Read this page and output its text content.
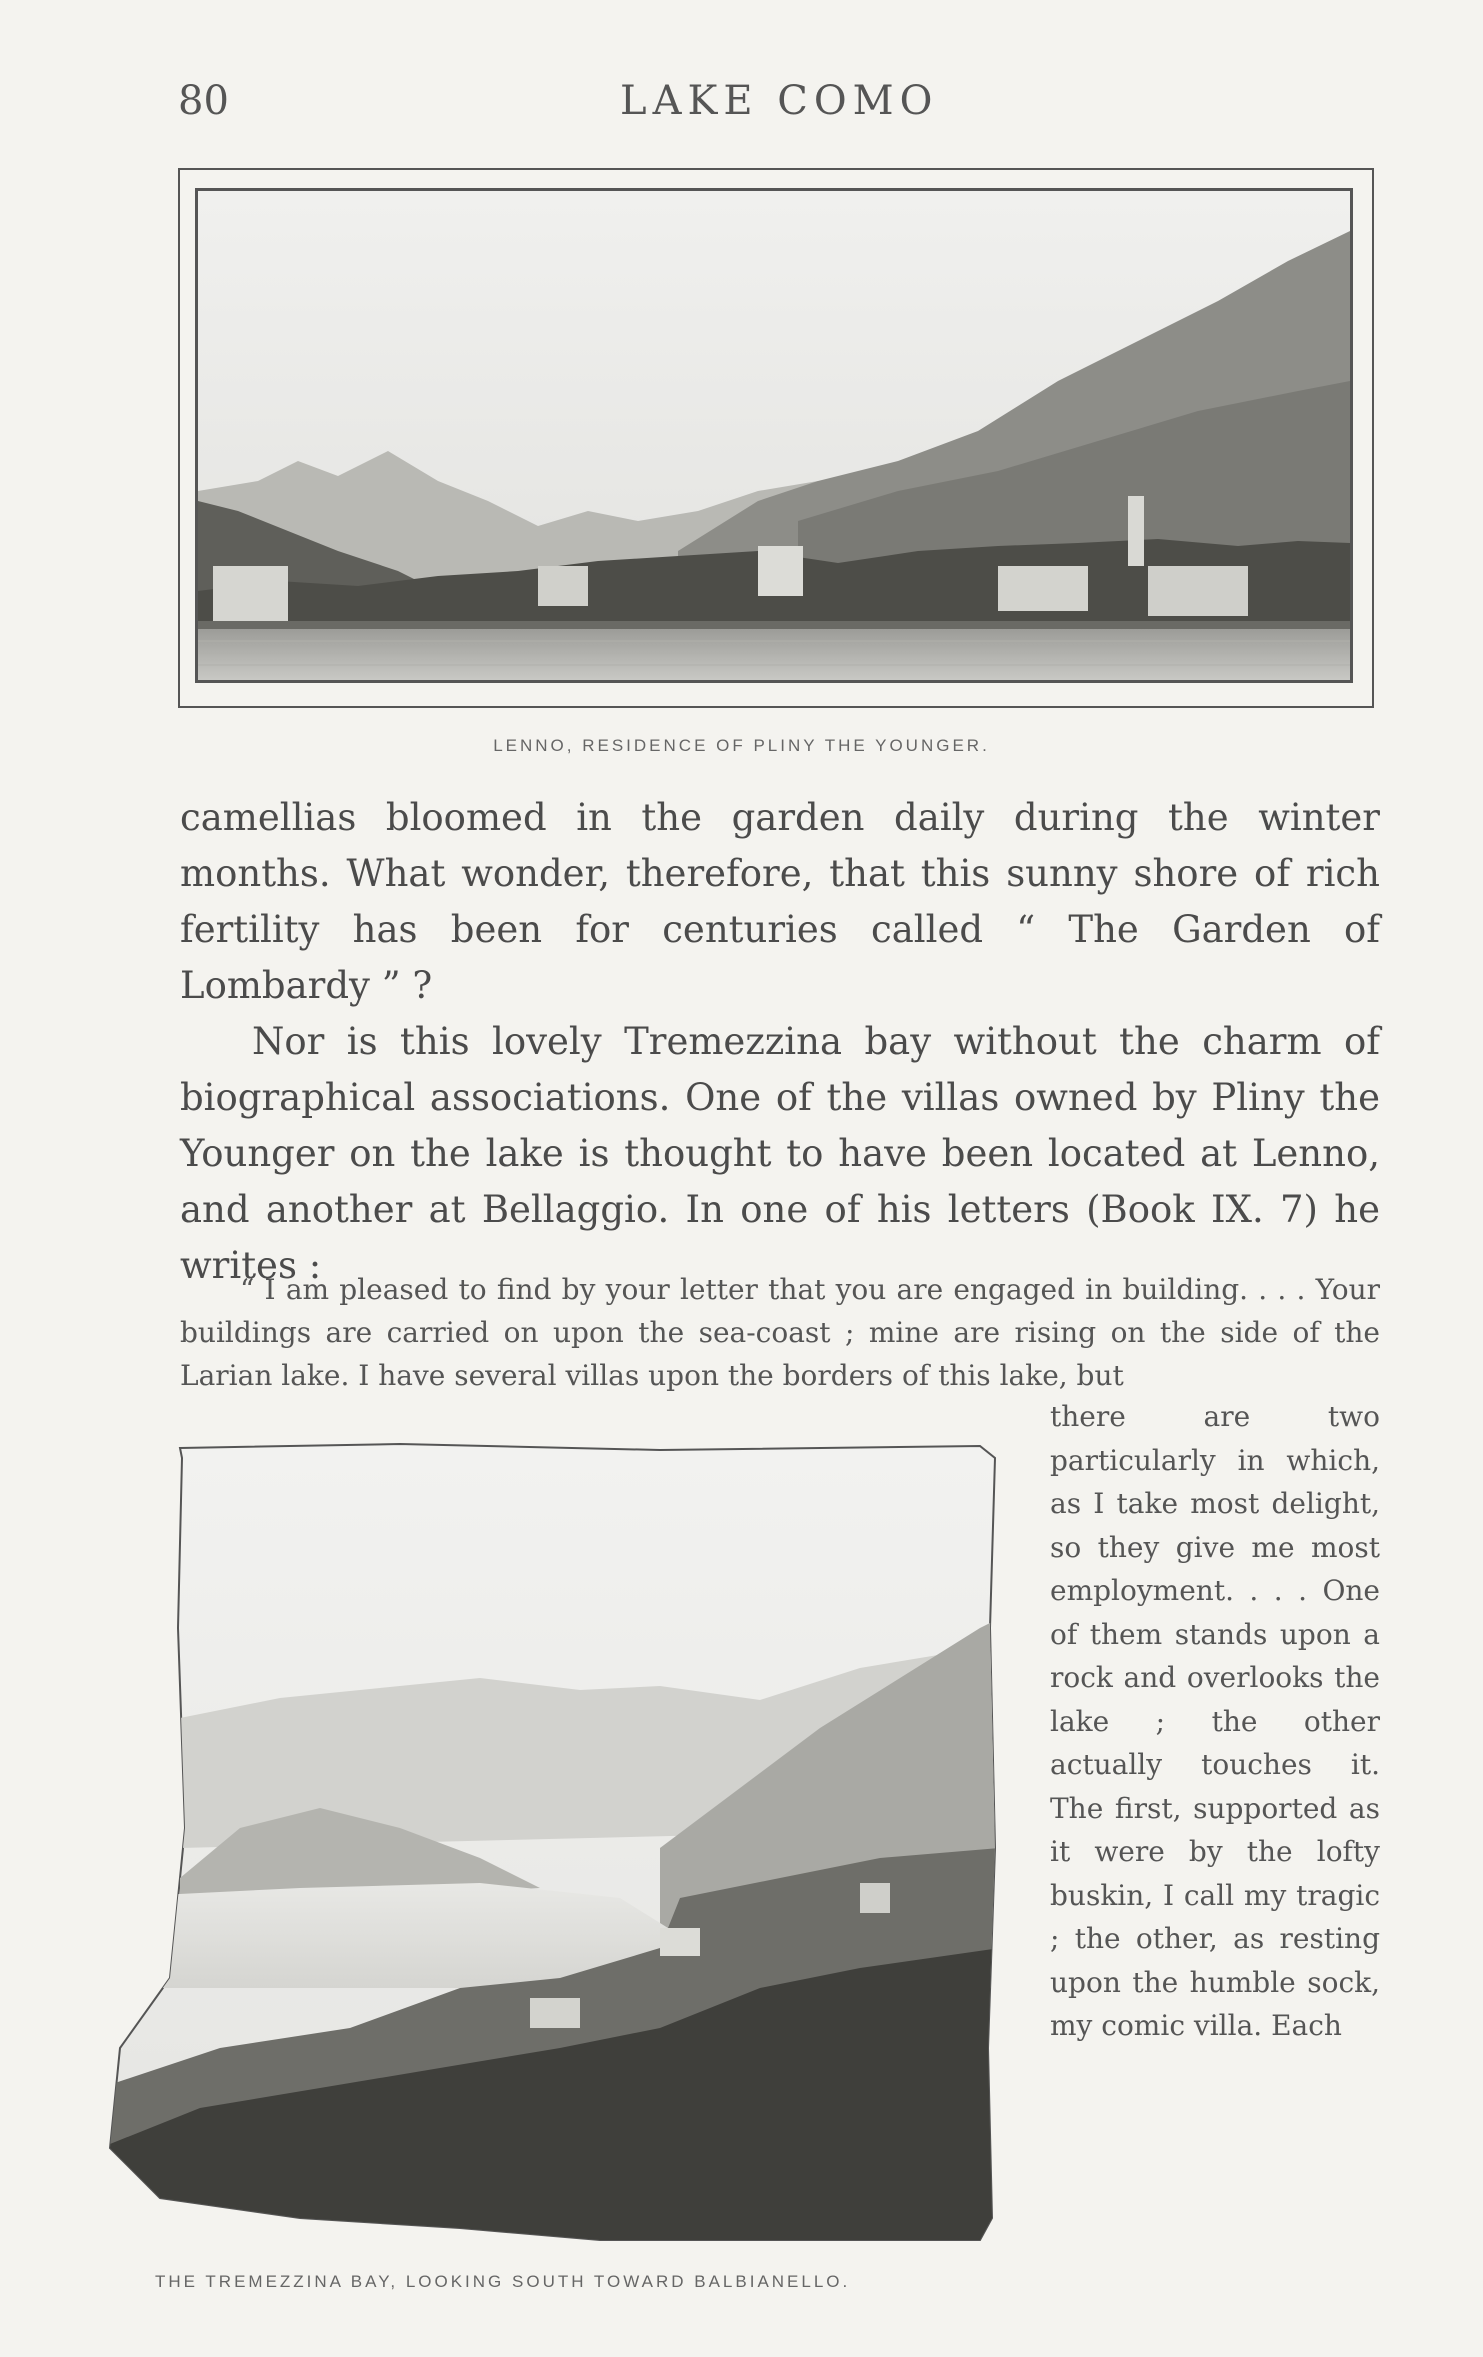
80	LAKE COMO
LENNO, RESIDENCE OF PLINY THE YOUNGER.

camellias bloomed in the garden daily during the winter months. What wonder, therefore, that this sunny shore of rich fertility has been for centuries called “ The Garden of Lombardy ” ?

Nor is this lovely Tremezzina bay without the charm of biographical associations. One of the villas owned by Pliny the Younger on the lake is thought to have been located at Lenno, and another at Bellaggio. In one of his letters (Book IX. 7) he writes :

“ I am pleased to find by your letter that you are engaged in building. . . . Your buildings are carried on upon the sea-coast ; mine are rising on the side of the Larian lake. I have several villas upon the borders of this lake, but

there are two particularly in which, as I take most delight, so they give me most employment. . . . One of them stands upon a rock and overlooks the lake ; the other actually touches it. The first, supported as it were by the lofty buskin, I call my tragic ; the other, as resting upon the humble sock, my comic villa. Each
THE TREMEZZINA BAY, LOOKING SOUTH TOWARD BALBIANELLO.
